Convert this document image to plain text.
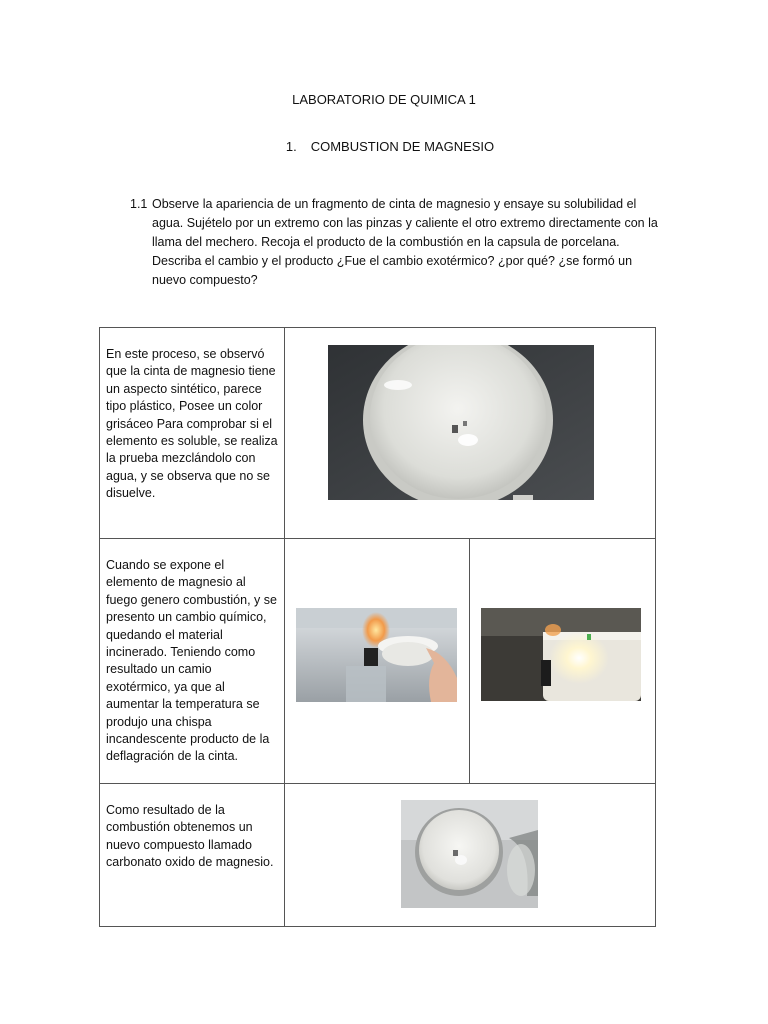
LABORATORIO DE QUIMICA 1
1. COMBUSTION DE MAGNESIO
1.1 Observe la apariencia de un fragmento de cinta de magnesio y ensaye su solubilidad el agua. Sujételo por un extremo con las pinzas y caliente el otro extremo directamente con la llama del mechero. Recoja el producto de la combustión en la capsula de porcelana. Describa el cambio y el producto ¿Fue el cambio exotérmico? ¿por qué? ¿se formó un nuevo compuesto?
En este proceso, se observó que la cinta de magnesio tiene un aspecto sintético, parece tipo plástico, Posee un color grisáceo Para comprobar si el elemento es soluble, se realiza la prueba mezclándolo con agua, y se observa que no se disuelve.

Cuando se expone el elemento de magnesio al fuego genero combustión, y se presento un cambio químico, quedando el material incinerado. Teniendo como resultado un camio exotérmico, ya que al aumentar la temperatura se produjo una chispa incandescente producto de la deflagración de la cinta.

Como resultado de la combustión obtenemos un nuevo compuesto llamado carbonato oxido de magnesio.
